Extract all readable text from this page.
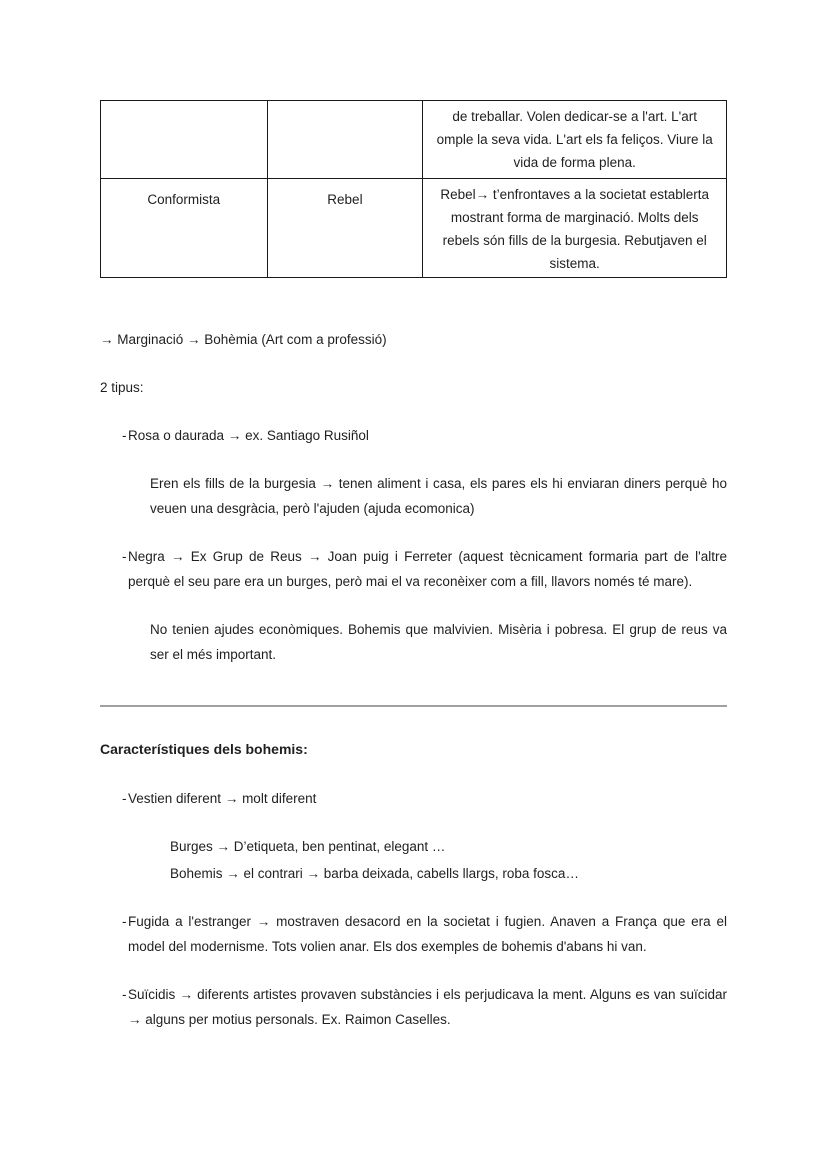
		de treballar. Volen dedicar-se a l'art. L'art omple la seva vida. L'art els fa feliços. Viure la vida de forma plena.
Conformista	Rebel	Rebel→ t’enfrontaves a la societat establerta mostrant forma de marginació. Molts dels rebels són fills de la burgesia. Rebutjaven el sistema.

→ Marginació → Bohèmia (Art com a professió)

2 tipus:

- Rosa o daurada → ex. Santiago Rusiñol

Eren els fills de la burgesia → tenen aliment i casa, els pares els hi enviaran diners perquè ho veuen una desgràcia, però l'ajuden (ajuda ecomonica)

- Negra → Ex Grup de Reus → Joan puig i Ferreter (aquest tècnicament formaria part de l'altre perquè el seu pare era un burges, però mai el va reconèixer com a fill, llavors només té mare).

No tenien ajudes econòmiques. Bohemis que malvivien. Misèria i pobresa. El grup de reus va ser el més important.

Característiques dels bohemis:
- Vestien diferent → molt diferent
Burges → D’etiqueta, ben pentinat, elegant …
Bohemis → el contrari → barba deixada, cabells llargs, roba fosca…
- Fugida a l'estranger → mostraven desacord en la societat i fugien. Anaven a França que era el model del modernisme. Tots volien anar. Els dos exemples de bohemis d'abans hi van.
- Suïcidis → diferents artistes provaven substàncies i els perjudicava la ment. Alguns es van suïcidar → alguns per motius personals. Ex. Raimon Caselles.
